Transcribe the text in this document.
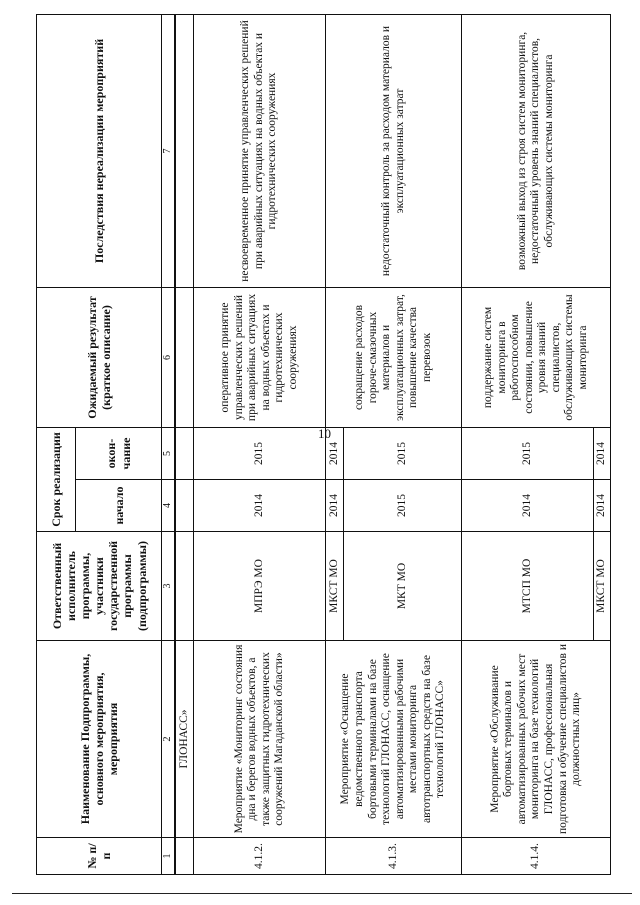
10
№ п/п	Наименование Подпрограммы, основного мероприятия, мероприятия	Ответственный исполнитель программы, участники государственной программы (подпрограммы)	Срок реализации		Ожидаемый результат (краткое описание)	Последствия нереализации мероприятий
			начало	окон-чание		
1	2	3	4	5	6	7
	ГЛОНАСС»					
4.1.2.	Мероприятие «Мониторинг состояния дна и берегов водных объектов, а также защитных гидротехнических сооружений Магаданской области»	МПРЭ МО	2014	2015	оперативное принятие управленческих решений при аварийных ситуациях на водных объектах и гидротехнических сооружениях	несвоевременное принятие управленческих решений при аварийных ситуациях на водных объектах и гидротехнических сооружениях
4.1.3.	Мероприятие «Оснащение ведомственного транспорта бортовыми терминалами на базе технологий ГЛОНАСС, оснащение автоматизированными рабочими местами мониторинга автотранспортных средств на базе технологий ГЛОНАСС»	МКСТ МО	2014	2014	сокращение расходов горюче-смазочных материалов и эксплуатационных затрат, повышение качества перевозок	недостаточный контроль за расходом материалов и эксплуатационных затрат
		МКТ МО	2015	2015		
4.1.4.	Мероприятие «Обслуживание бортовых терминалов и автоматизированных рабочих мест мониторинга на базе технологий ГЛОНАСС, профессиональная подготовка и обучение специалистов и должностных лиц»	МТСП МО	2014	2015	поддержание систем мониторинга в работоспособном состоянии, повышение уровня знаний специалистов, обслуживающих системы мониторинга	возможный выход из строя систем мониторинга, недостаточный уровень знаний специалистов, обслуживающих системы мониторинга
		МКСТ МО	2014	2014		
